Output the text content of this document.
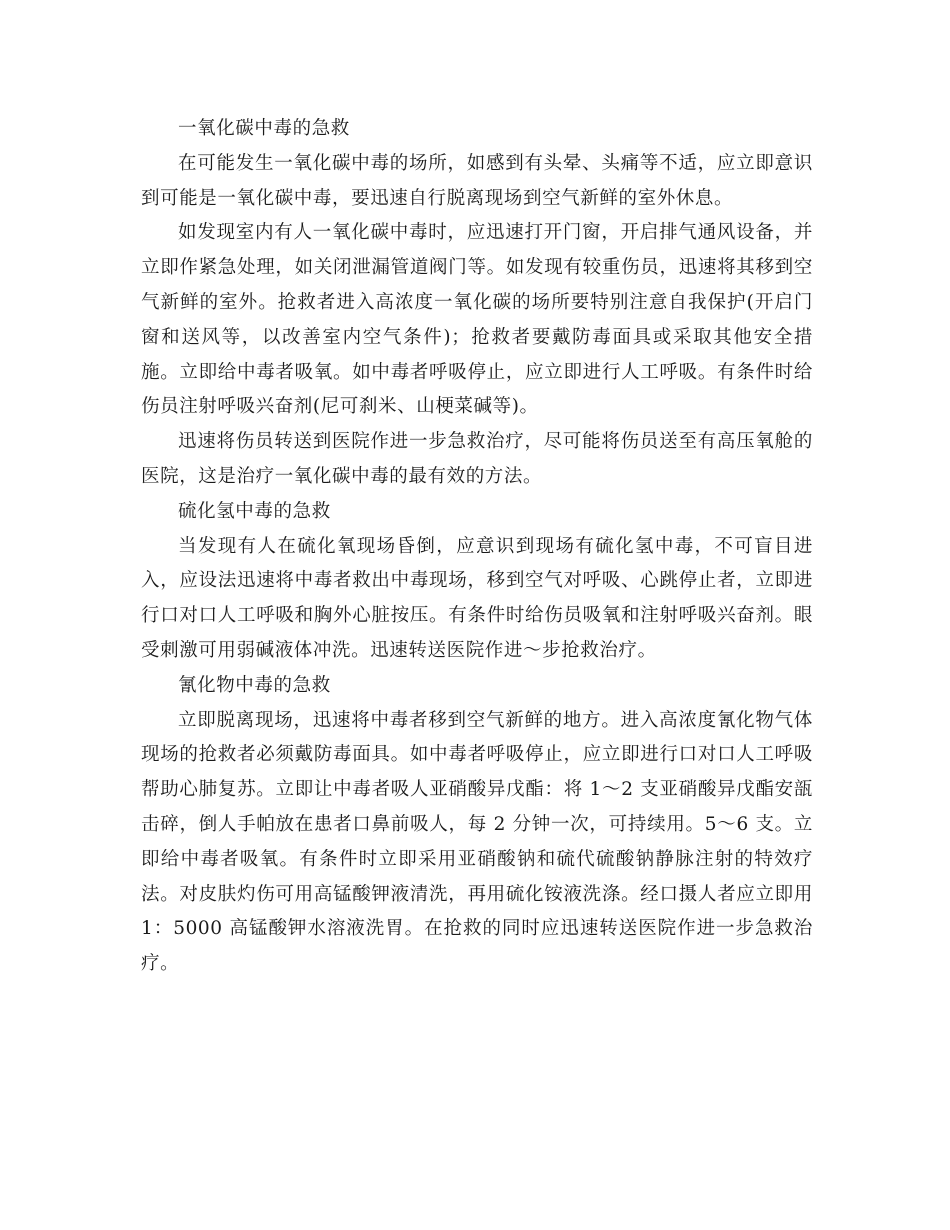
一氧化碳中毒的急救

在可能发生一氧化碳中毒的场所，如感到有头晕、头痛等不适，应立即意识到可能是一氧化碳中毒，要迅速自行脱离现场到空气新鲜的室外休息。

如发现室内有人一氧化碳中毒时，应迅速打开门窗，开启排气通风设备，并立即作紧急处理，如关闭泄漏管道阀门等。如发现有较重伤员，迅速将其移到空气新鲜的室外。抢救者进入高浓度一氧化碳的场所要特别注意自我保护(开启门窗和送风等，以改善室内空气条件)；抢救者要戴防毒面具或采取其他安全措施。立即给中毒者吸氧。如中毒者呼吸停止，应立即进行人工呼吸。有条件时给伤员注射呼吸兴奋剂(尼可刹米、山梗菜碱等)。

迅速将伤员转送到医院作进一步急救治疗，尽可能将伤员送至有高压氧舱的医院，这是治疗一氧化碳中毒的最有效的方法。

硫化氢中毒的急救

当发现有人在硫化氧现场昏倒，应意识到现场有硫化氢中毒，不可盲目进入，应设法迅速将中毒者救出中毒现场，移到空气对呼吸、心跳停止者，立即进行口对口人工呼吸和胸外心脏按压。有条件时给伤员吸氧和注射呼吸兴奋剂。眼受刺激可用弱碱液体冲洗。迅速转送医院作进～步抢救治疗。

氰化物中毒的急救

立即脱离现场，迅速将中毒者移到空气新鲜的地方。进入高浓度氰化物气体现场的抢救者必须戴防毒面具。如中毒者呼吸停止，应立即进行口对口人工呼吸帮助心肺复苏。立即让中毒者吸人亚硝酸异戊酯：将 1～2 支亚硝酸异戊酯安瓿击碎，倒人手帕放在患者口鼻前吸人，每 2 分钟一次，可持续用。5～6 支。立即给中毒者吸氧。有条件时立即采用亚硝酸钠和硫代硫酸钠静脉注射的特效疗法。对皮肤灼伤可用高锰酸钾液清洗，再用硫化铵液洗涤。经口摄人者应立即用 1：5000 高锰酸钾水溶液洗胃。在抢救的同时应迅速转送医院作进一步急救治疗。
